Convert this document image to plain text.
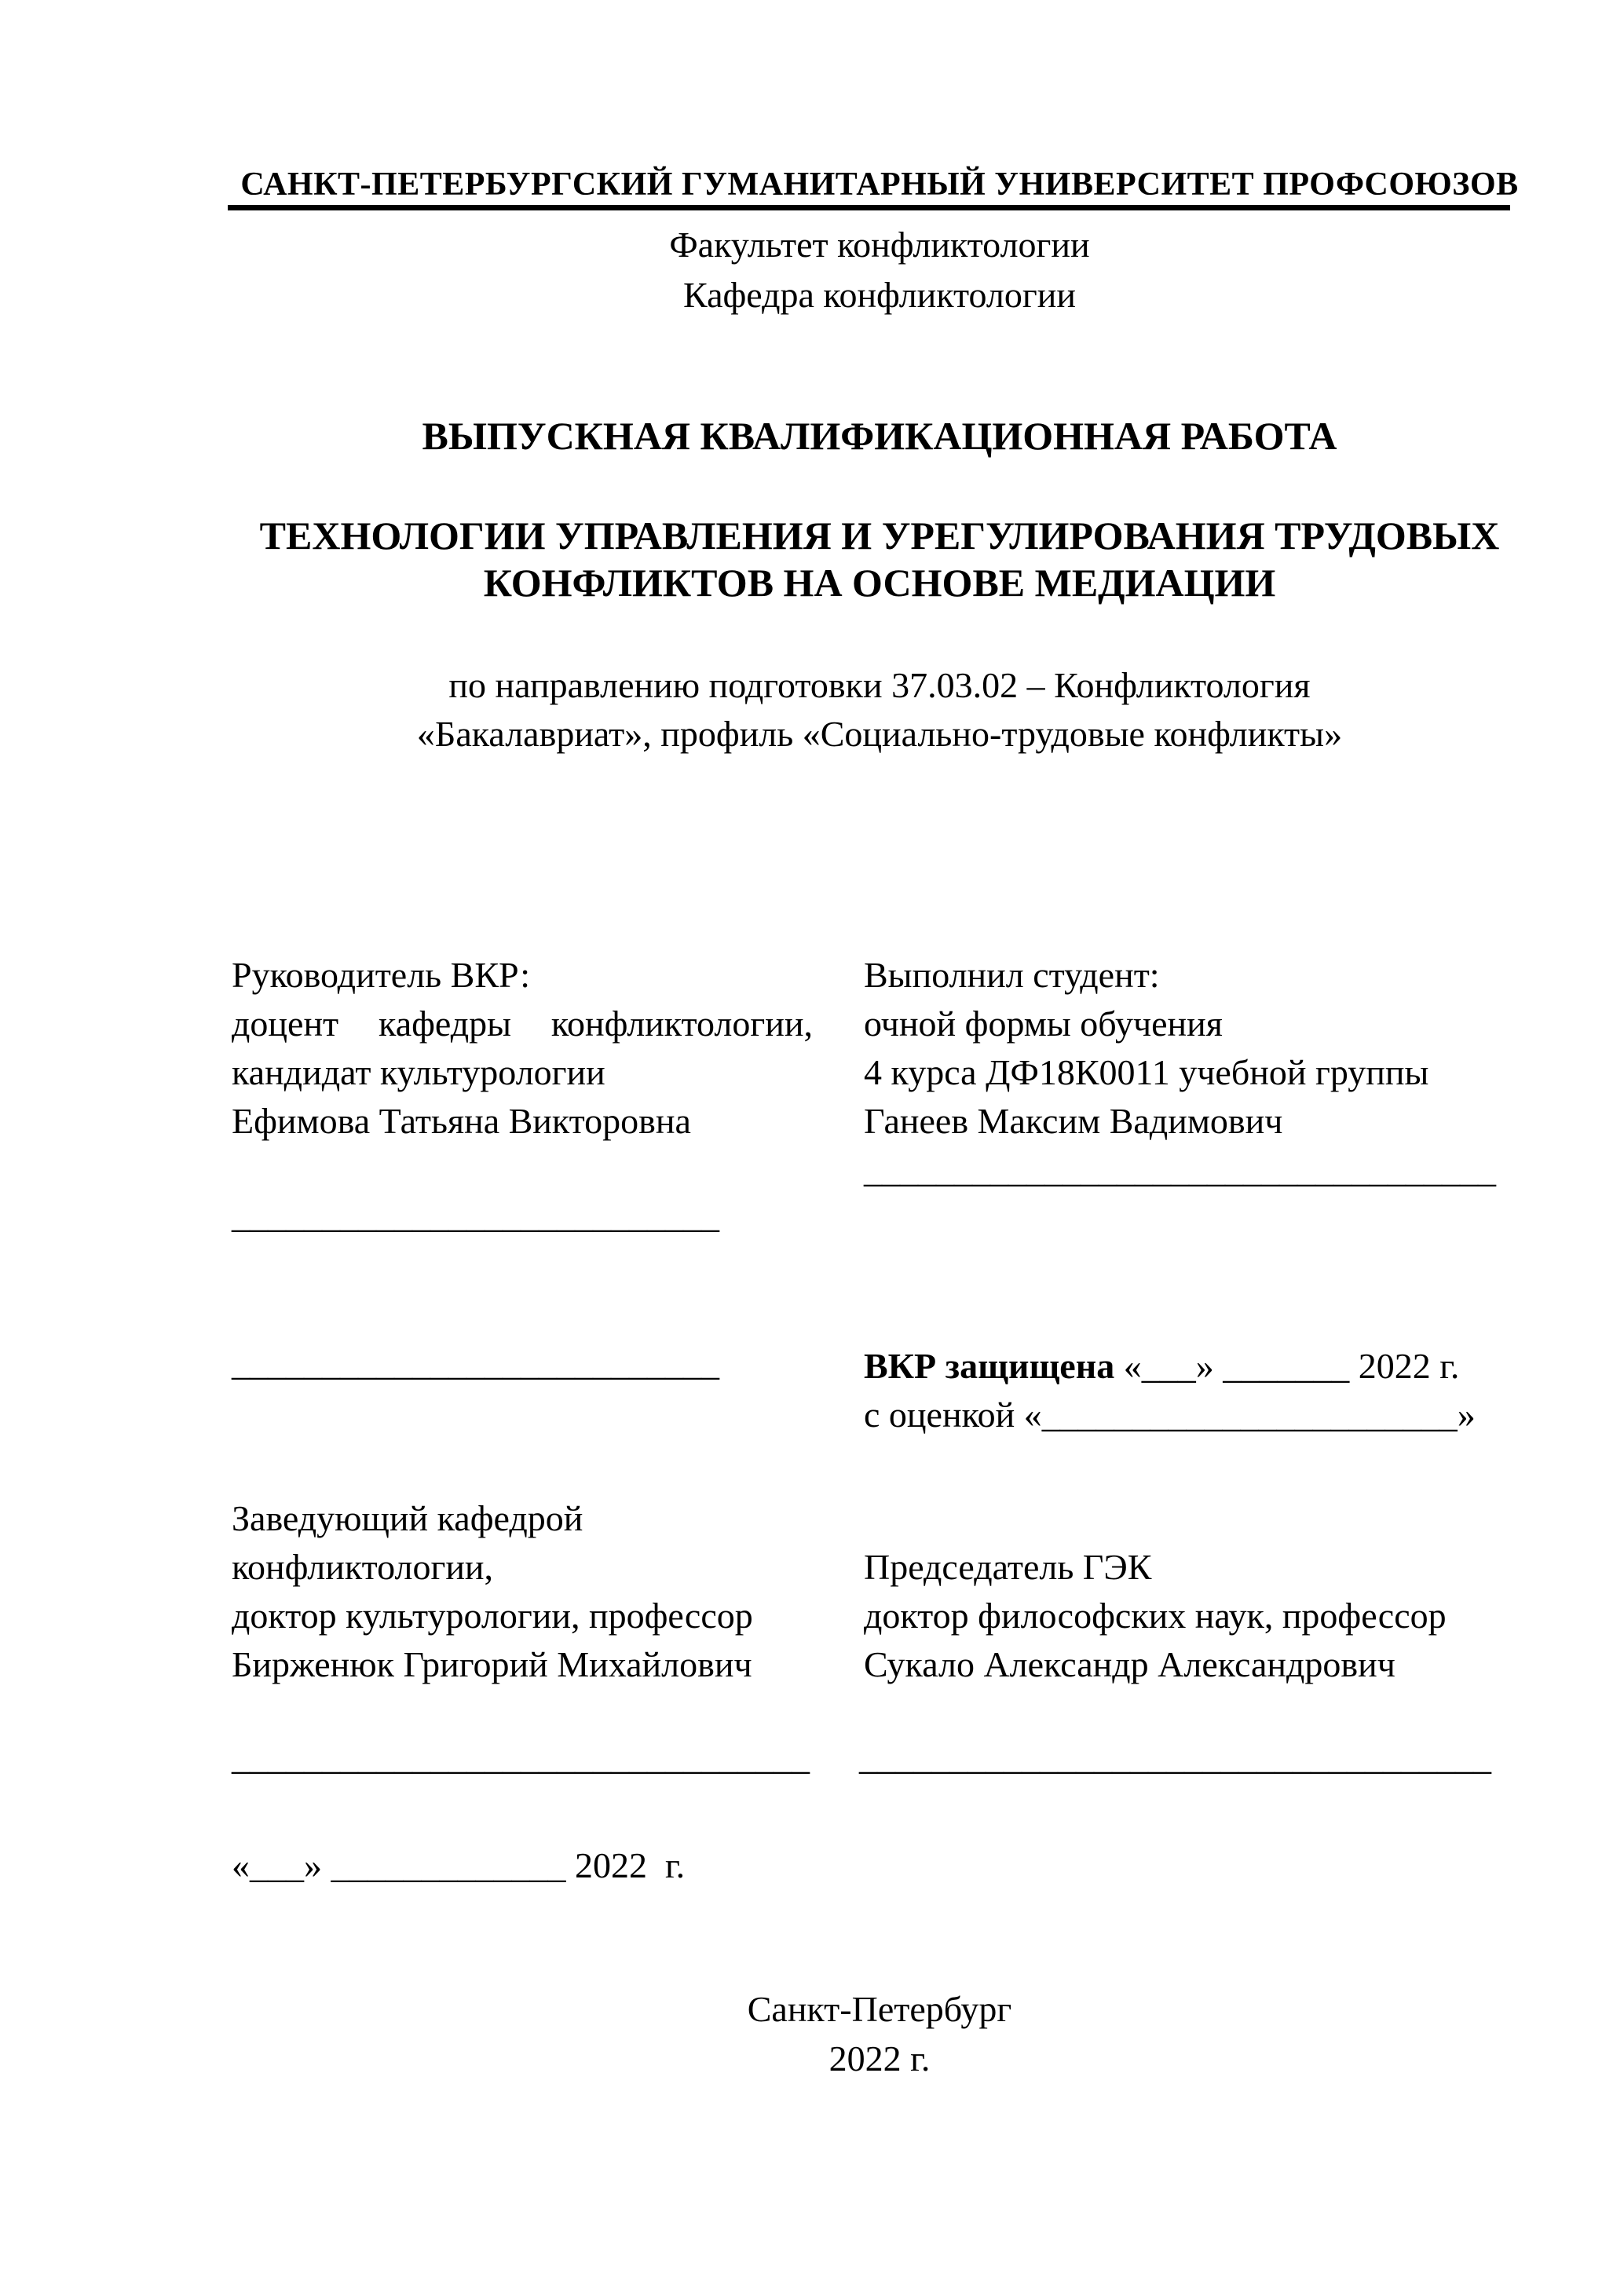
САНКТ-ПЕТЕРБУРГСКИЙ ГУМАНИТАРНЫЙ УНИВЕРСИТЕТ ПРОФСОЮЗОВ
Факультет конфликтологии
Кафедра конфликтологии
ВЫПУСКНАЯ КВАЛИФИКАЦИОННАЯ РАБОТА
ТЕХНОЛОГИИ УПРАВЛЕНИЯ И УРЕГУЛИРОВАНИЯ ТРУДОВЫХ
КОНФЛИКТОВ НА ОСНОВЕ МЕДИАЦИИ
по направлению подготовки 37.03.02 – Конфликтология
«Бакалавриат», профиль «Социально-трудовые конфликты»
Руководитель ВКР:
доцент кафедры конфликтологии,
кандидат культурологии
Ефимова Татьяна Викторовна
Выполнил студент:
очной формы обучения
4 курса ДФ18К0011 учебной группы
Ганеев Максим Вадимович
___________________________________
___________________________
___________________________	ВКР защищена «___» _______ 2022 г.
с оценкой «_______________________»
Заведующий кафедрой
конфликтологии,
доктор культурологии, профессор
Бирженюк Григорий Михайлович
Председатель ГЭК
доктор философских наук, профессор
Сукало Александр Александрович
________________________________	___________________________________
«___» _____________ 2022  г.
Санкт-Петербург
2022 г.
